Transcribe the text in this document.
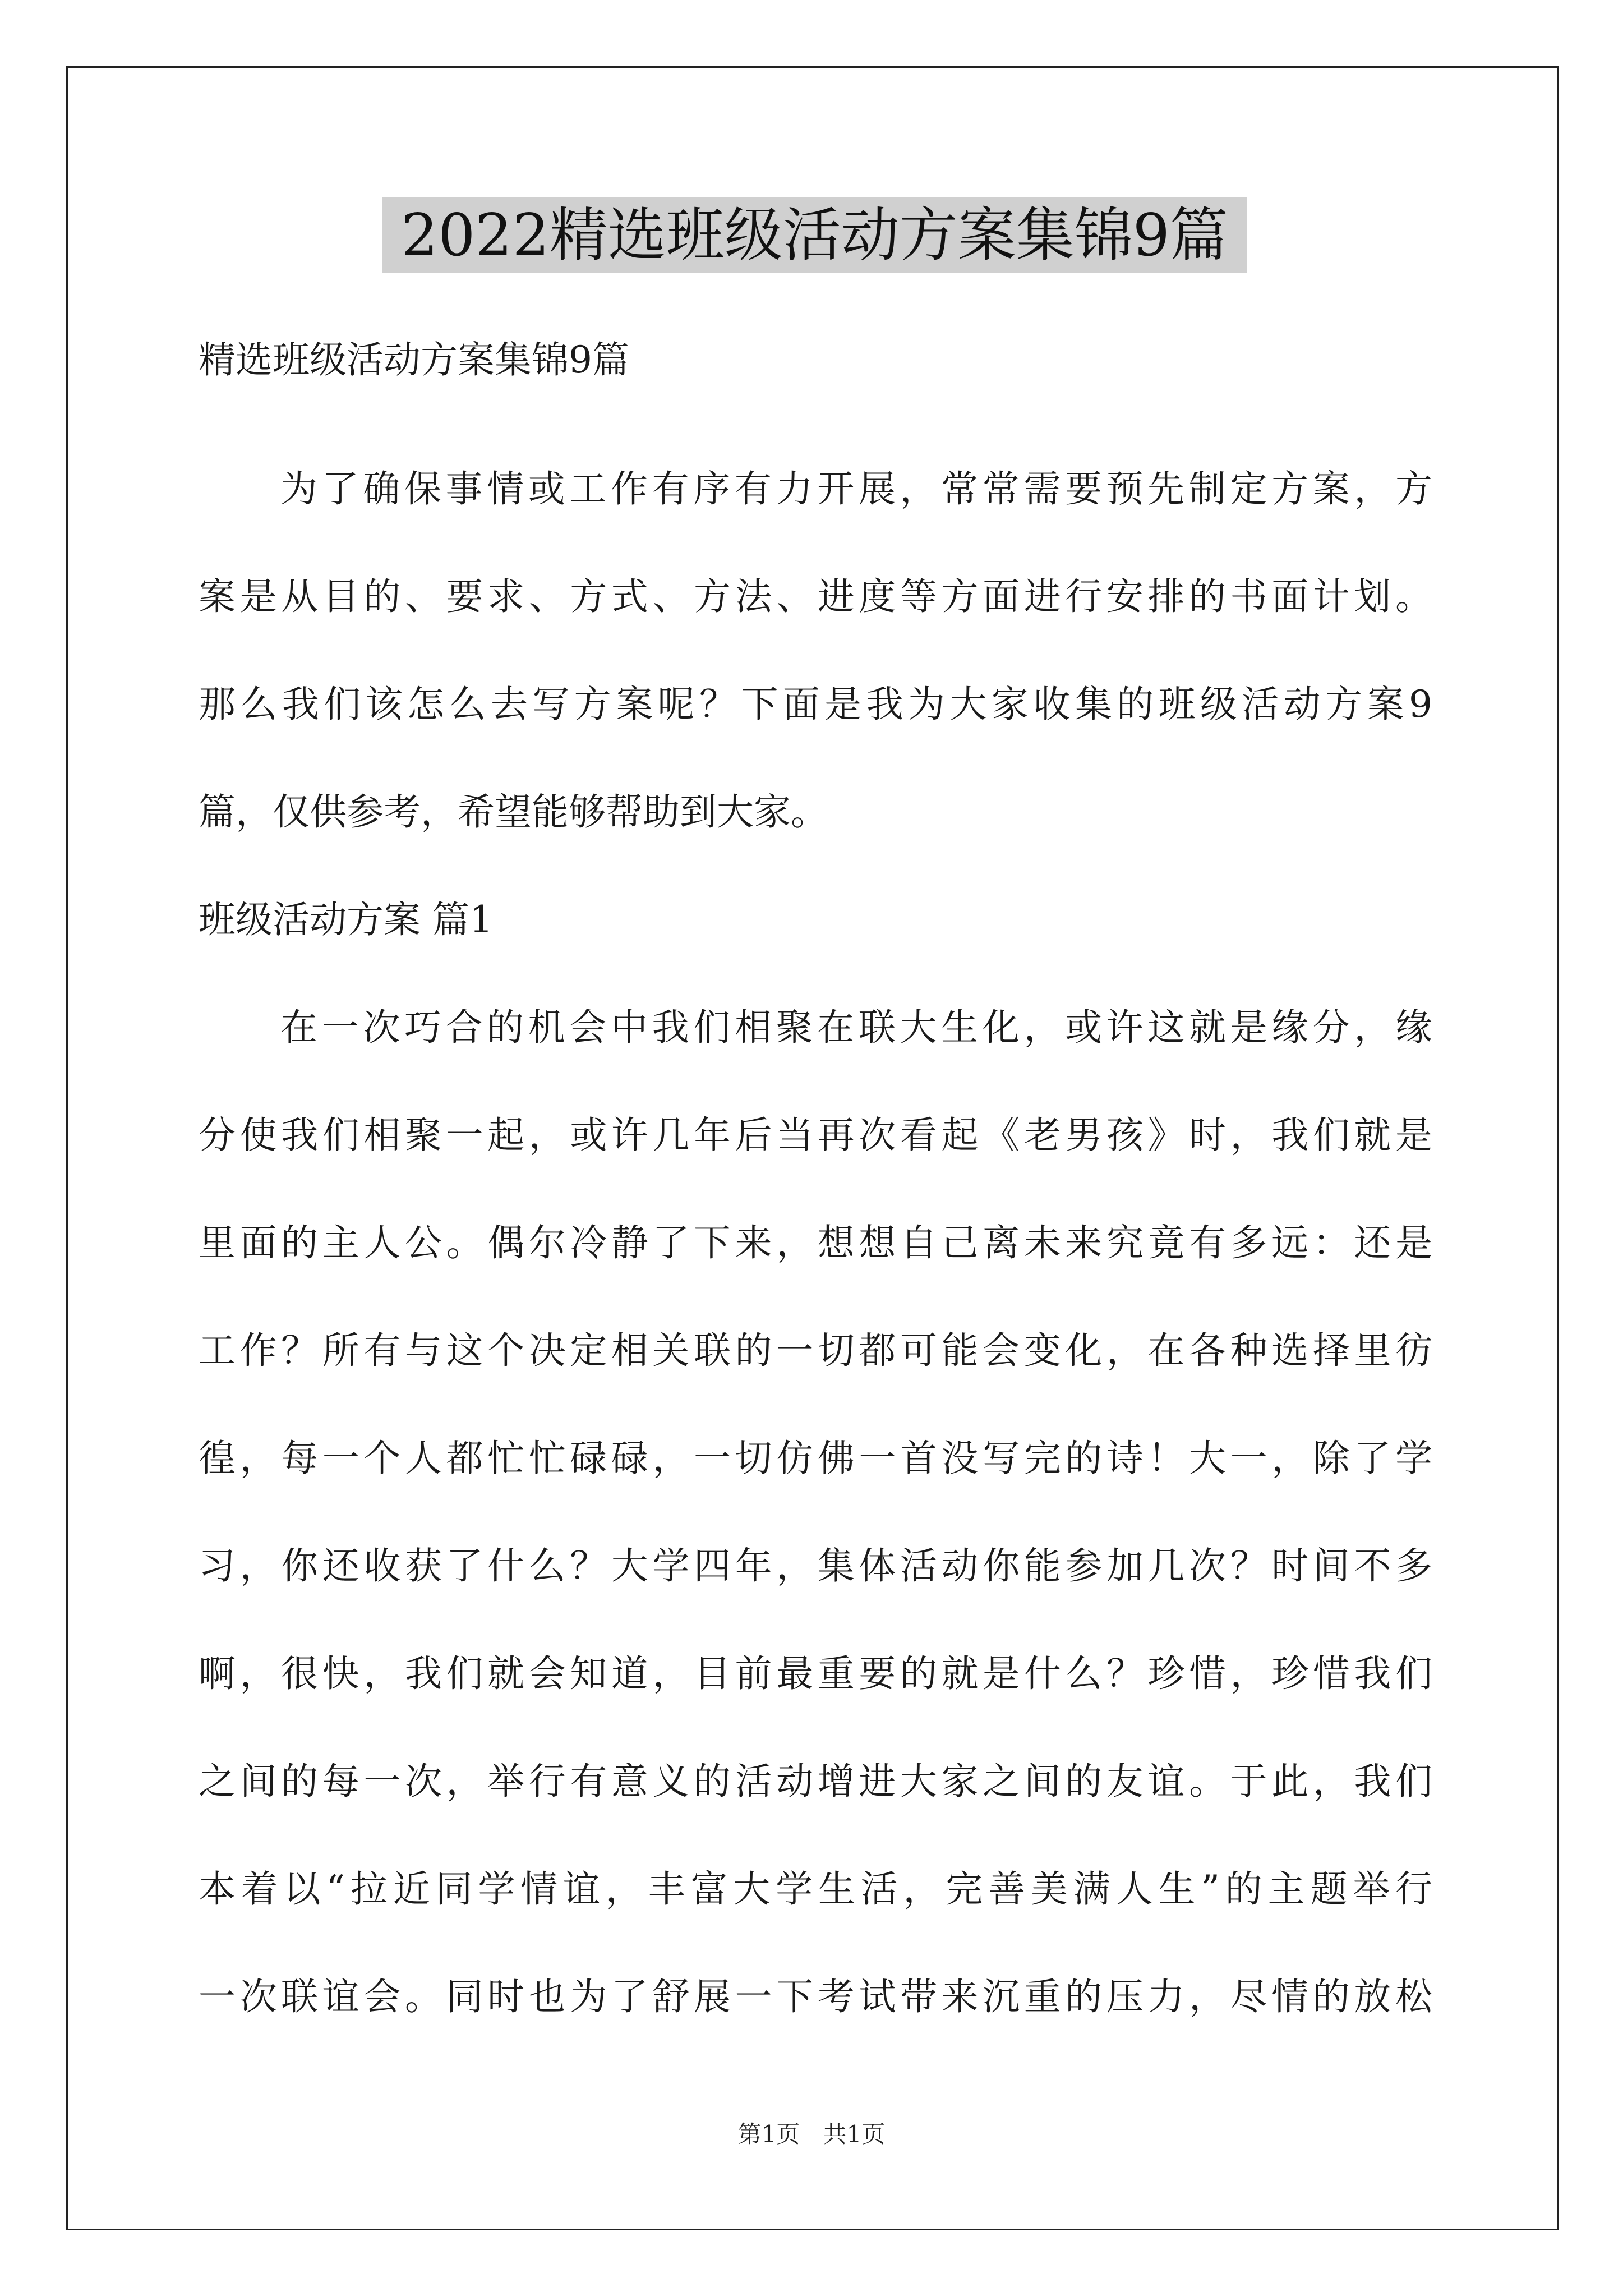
2022精选班级活动方案集锦9篇
精选班级活动方案集锦9篇
为了确保事情或工作有序有力开展，常常需要预先制定方案，方
案是从目的、要求、方式、方法、进度等方面进行安排的书面计划。
那么我们该怎么去写方案呢？下面是我为大家收集的班级活动方案9
篇，仅供参考，希望能够帮助到大家。
班级活动方案 篇1
在一次巧合的机会中我们相聚在联大生化，或许这就是缘分，缘
分使我们相聚一起，或许几年后当再次看起《老男孩》时，我们就是
里面的主人公。偶尔冷静了下来，想想自己离未来究竟有多远：还是
工作？所有与这个决定相关联的一切都可能会变化，在各种选择里彷
徨，每一个人都忙忙碌碌，一切仿佛一首没写完的诗！大一，除了学
习，你还收获了什么？大学四年，集体活动你能参加几次？时间不多
啊，很快，我们就会知道，目前最重要的就是什么？珍惜，珍惜我们
之间的每一次，举行有意义的活动增进大家之间的友谊。于此，我们
本着以“拉近同学情谊，丰富大学生活，完善美满人生”的主题举行
一次联谊会。同时也为了舒展一下考试带来沉重的压力，尽情的放松
第1页 共1页
